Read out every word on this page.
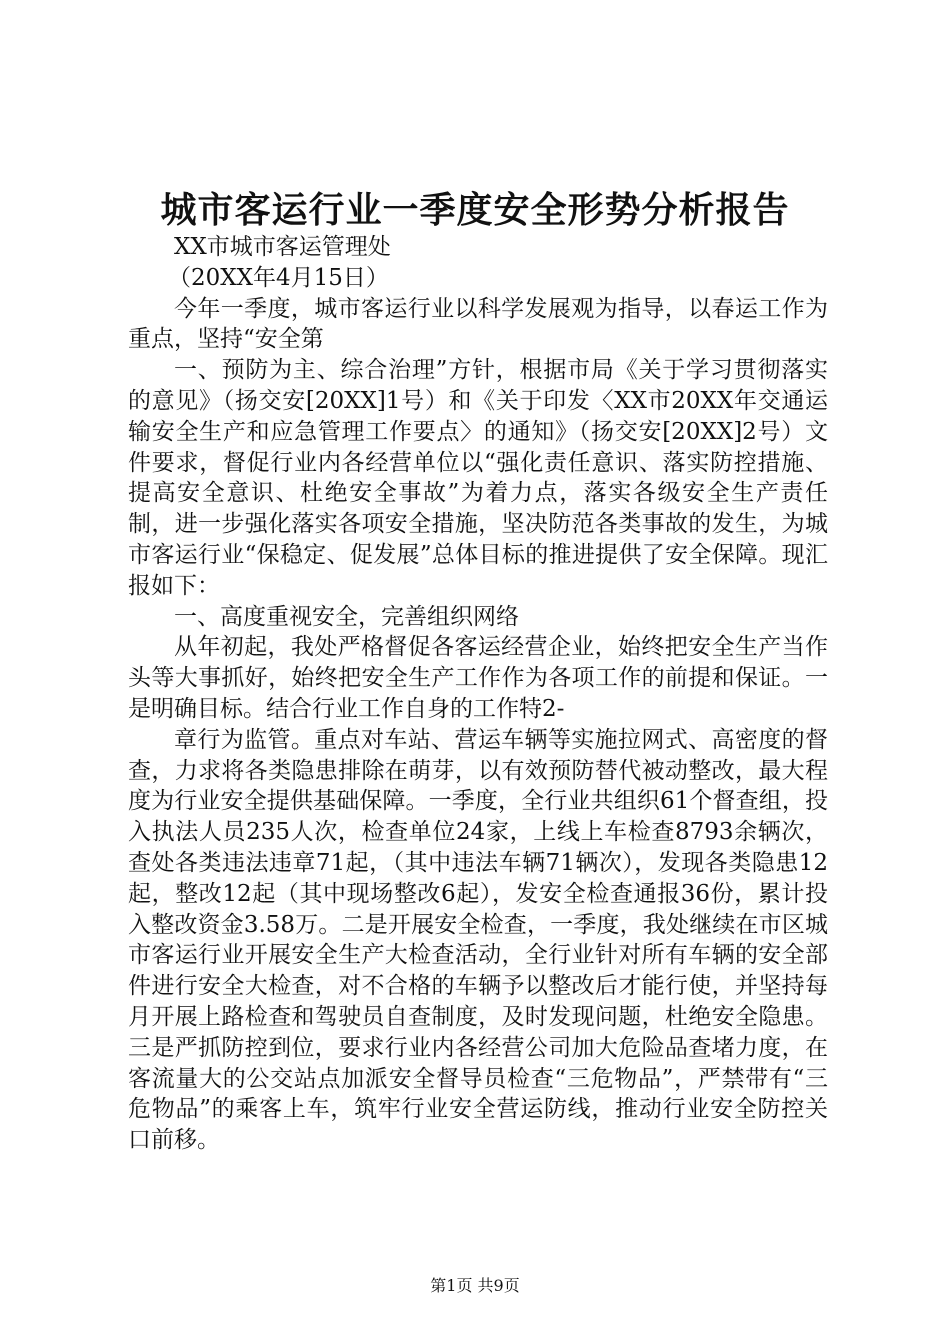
城市客运行业一季度安全形势分析报告

XX市城市客运管理处

（20XX年4月15日）

今年一季度，城市客运行业以科学发展观为指导，以春运工作为重点，坚持“安全第

一、预防为主、综合治理”方针，根据市局《关于学习贯彻落实的意见》（扬交安[20XX]1号）和《关于印发〈XX市20XX年交通运输安全生产和应急管理工作要点〉的通知》（扬交安[20XX]2号）文件要求，督促行业内各经营单位以“强化责任意识、落实防控措施、提高安全意识、杜绝安全事故”为着力点，落实各级安全生产责任制，进一步强化落实各项安全措施，坚决防范各类事故的发生，为城市客运行业“保稳定、促发展”总体目标的推进提供了安全保障。现汇报如下：

一、高度重视安全，完善组织网络

从年初起，我处严格督促各客运经营企业，始终把安全生产当作头等大事抓好，始终把安全生产工作作为各项工作的前提和保证。一是明确目标。结合行业工作自身的工作特2-

章行为监管。重点对车站、营运车辆等实施拉网式、高密度的督查，力求将各类隐患排除在萌芽，以有效预防替代被动整改，最大程度为行业安全提供基础保障。一季度，全行业共组织61个督查组，投入执法人员235人次，检查单位24家，上线上车检查8793余辆次，查处各类违法违章71起，（其中违法车辆71辆次），发现各类隐患12起，整改12起（其中现场整改6起），发安全检查通报36份，累计投入整改资金3.58万。二是开展安全检查，一季度，我处继续在市区城市客运行业开展安全生产大检查活动，全行业针对所有车辆的安全部件进行安全大检查，对不合格的车辆予以整改后才能行使，并坚持每月开展上路检查和驾驶员自查制度，及时发现问题，杜绝安全隐患。三是严抓防控到位，要求行业内各经营公司加大危险品查堵力度，在客流量大的公交站点加派安全督导员检查“三危物品”，严禁带有“三危物品”的乘客上车，筑牢行业安全营运防线，推动行业安全防控关口前移。

第1页 共9页
